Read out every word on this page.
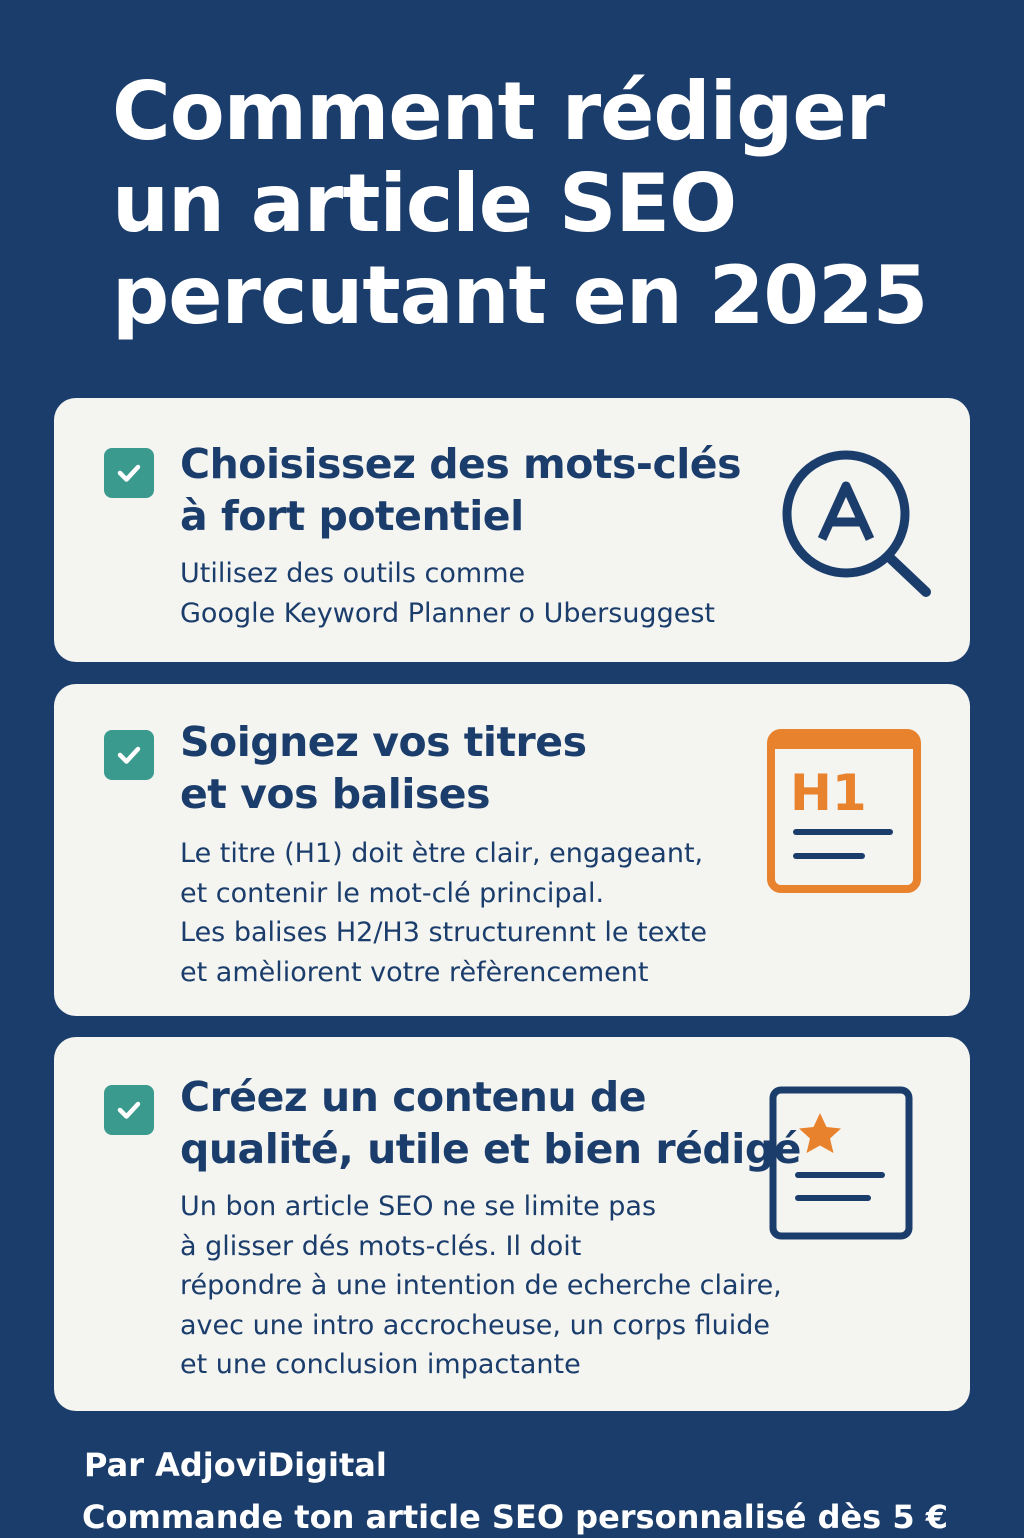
Comment rédiger
un article SEO
percutant en 2025
Choisissez des mots-clés
à fort potentiel

Utilisez des outils comme
Google Keyword Planner o Ubersuggest

Soignez vos titres
et vos balises

Le titre (H1) doit ètre clair, engageant,
et contenir le mot-clé principal.
Les balises H2/H3 structurennt le texte
et amèliorent votre rèfèrencement

H1
Créez un contenu de
qualité, utile et bien rédigé

Un bon article SEO ne se limite pas
à glisser dés mots-clés. Il doit
répondre à une intention de echerche claire,
avec une intro accrocheuse, un corps fluide
et une conclusion impactante

Par AdjoviDigital

Commande ton article SEO personnalisé dès 5 €
